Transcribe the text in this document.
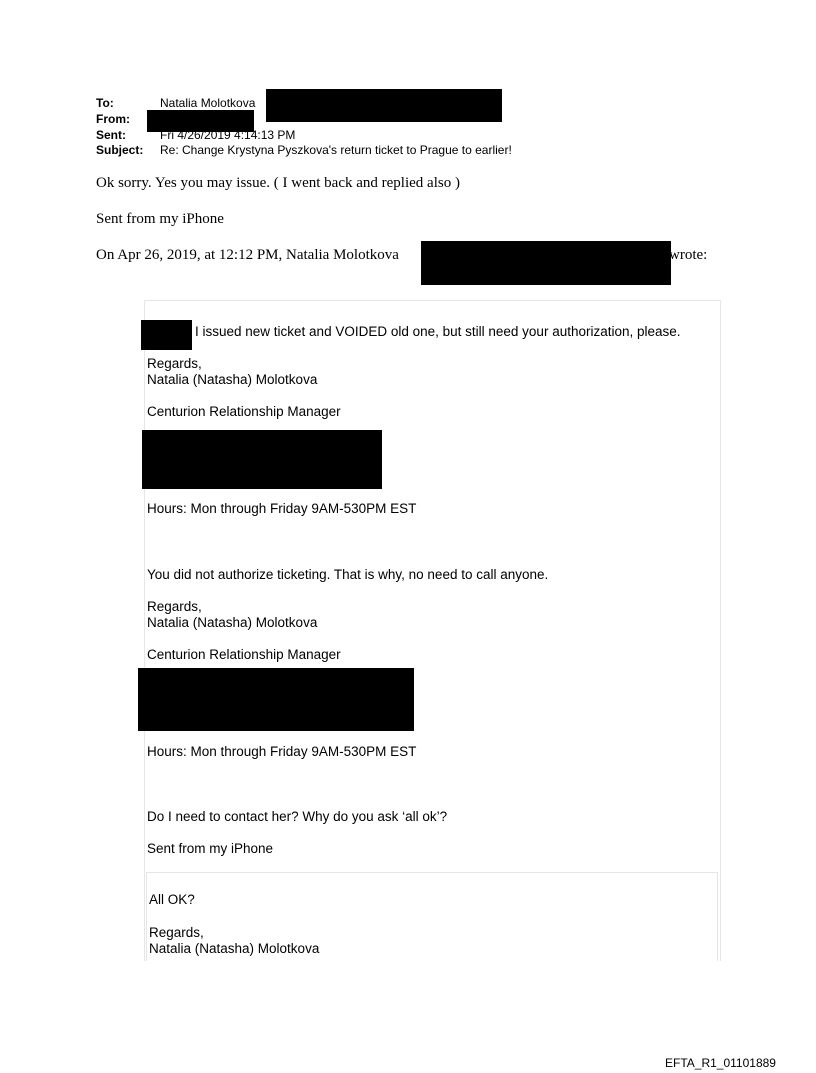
To:	Natalia Molotkova
From:
Sent:	Fri 4/26/2019 4:14:13 PM
Subject: Re: Change Krystyna Pyszkova's return ticket to Prague to earlier!
Ok sorry. Yes you may issue. ( I went back and replied also )
Sent from my iPhone
On Apr 26, 2019, at 12:12 PM, Natalia Molotkova	wrote:
I issued new ticket and VOIDED old one, but still need your authorization, please.
Regards,
Natalia (Natasha) Molotkova
Centurion Relationship Manager
Hours: Mon through Friday 9AM-530PM EST
You did not authorize ticketing. That is why, no need to call anyone.
Regards,
Natalia (Natasha) Molotkova
Centurion Relationship Manager
Hours: Mon through Friday 9AM-530PM EST
Do I need to contact her? Why do you ask ‘all ok’?
Sent from my iPhone
All OK?
Regards,
Natalia (Natasha) Molotkova
EFTA_R1_01101889
